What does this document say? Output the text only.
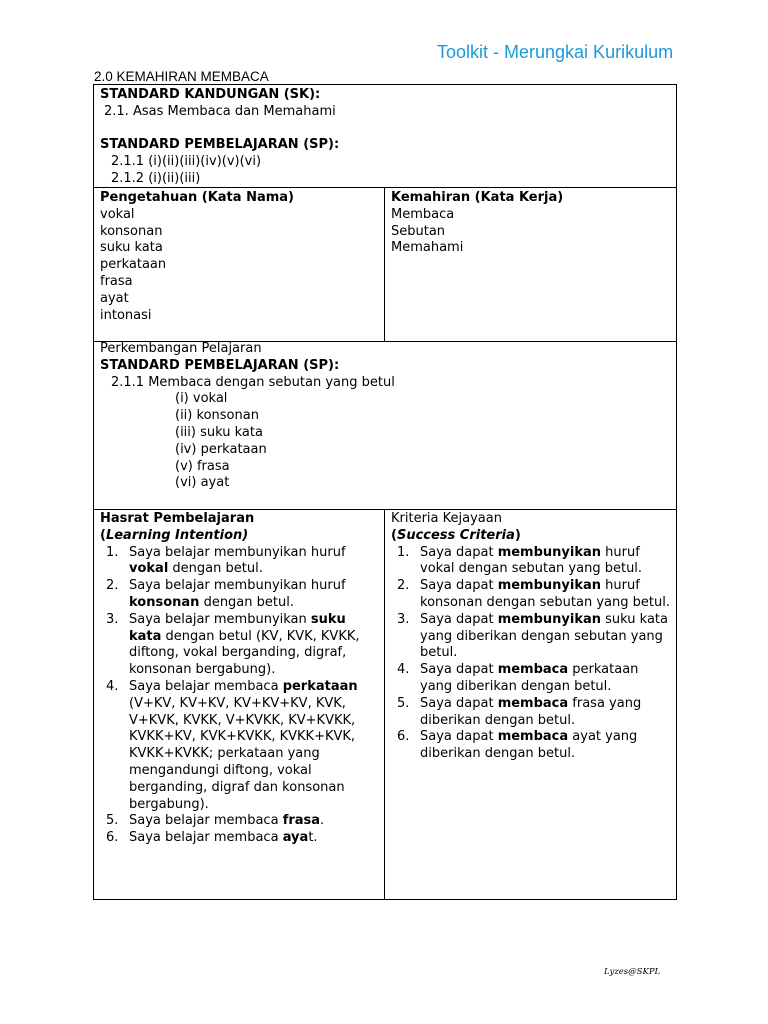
Toolkit - Merungkai Kurikulum
2.0 KEMAHIRAN MEMBACA
STANDARD KANDUNGAN (SK):
2.1. Asas Membaca dan Memahami
STANDARD PEMBELAJARAN (SP):
2.1.1 (i)(ii)(iii)(iv)(v)(vi)
2.1.2 (i)(ii)(iii)
Pengetahuan (Kata Nama)
vokal
konsonan
suku kata
perkataan
frasa
ayat
intonasi
Kemahiran (Kata Kerja)
Membaca
Sebutan
Memahami
Perkembangan Pelajaran
STANDARD PEMBELAJARAN (SP):
2.1.1 Membaca dengan sebutan yang betul
(i) vokal
(ii) konsonan
(iii) suku kata
(iv) perkataan
(v) frasa
(vi) ayat
Hasrat Pembelajaran
(Learning Intention)
1. Saya belajar membunyikan huruf vokal dengan betul.
2. Saya belajar membunyikan huruf konsonan dengan betul.
3. Saya belajar membunyikan suku kata dengan betul (KV, KVK, KVKK, diftong, vokal berganding, digraf, konsonan bergabung).
4. Saya belajar membaca perkataan (V+KV, KV+KV, KV+KV+KV, KVK, V+KVK, KVKK, V+KVKK, KV+KVKK, KVKK+KV, KVK+KVKK, KVKK+KVK, KVKK+KVKK; perkataan yang mengandungi diftong, vokal berganding, digraf dan konsonan bergabung).
5. Saya belajar membaca frasa.
6. Saya belajar membaca ayat.
Kriteria Kejayaan
(Success Criteria)
1. Saya dapat membunyikan huruf vokal dengan sebutan yang betul.
2. Saya dapat membunyikan huruf konsonan dengan sebutan yang betul.
3. Saya dapat membunyikan suku kata yang diberikan dengan sebutan yang betul.
4. Saya dapat membaca perkataan yang diberikan dengan betul.
5. Saya dapat membaca frasa yang diberikan dengan betul.
6. Saya dapat membaca ayat yang diberikan dengan betul.
Lyzes@SKPL
